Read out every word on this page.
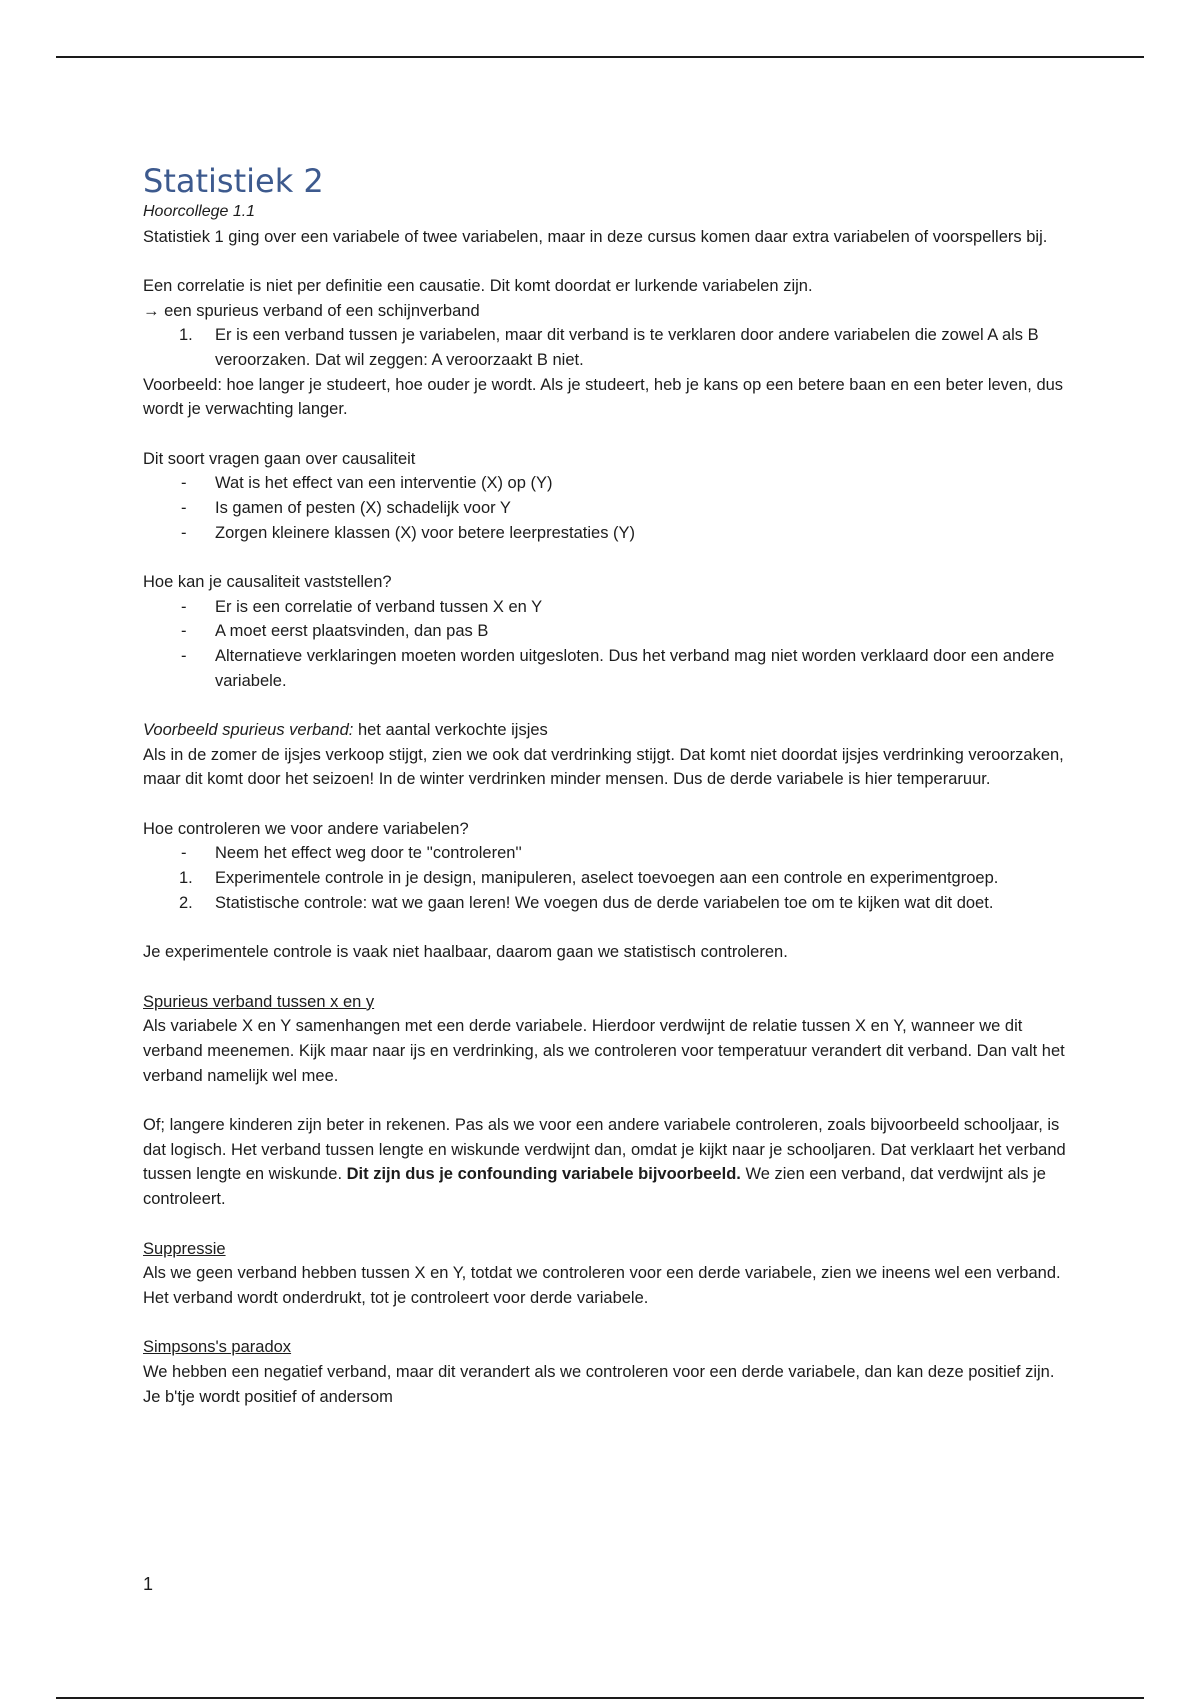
Statistiek 2

Hoorcollege 1.1

Statistiek 1 ging over een variabele of twee variabelen, maar in deze cursus komen daar extra variabelen of voorspellers bij.

Een correlatie is niet per definitie een causatie. Dit komt doordat er lurkende variabelen zijn.

→ een spurieus verband of een schijnverband

1. Er is een verband tussen je variabelen, maar dit verband is te verklaren door andere variabelen die zowel A als B veroorzaken. Dat wil zeggen: A veroorzaakt B niet.

Voorbeeld: hoe langer je studeert, hoe ouder je wordt. Als je studeert, heb je kans op een betere baan en een beter leven, dus wordt je verwachting langer.

Dit soort vragen gaan over causaliteit

- Wat is het effect van een interventie (X) op (Y)
- Is gamen of pesten (X) schadelijk voor Y
- Zorgen kleinere klassen (X) voor betere leerprestaties (Y)

Hoe kan je causaliteit vaststellen?

- Er is een correlatie of verband tussen X en Y
- A moet eerst plaatsvinden, dan pas B
- Alternatieve verklaringen moeten worden uitgesloten. Dus het verband mag niet worden verklaard door een andere variabele.

Voorbeeld spurieus verband: het aantal verkochte ijsjes

Als in de zomer de ijsjes verkoop stijgt, zien we ook dat verdrinking stijgt. Dat komt niet doordat ijsjes verdrinking veroorzaken, maar dit komt door het seizoen! In de winter verdrinken minder mensen. Dus de derde variabele is hier temperaruur.

Hoe controleren we voor andere variabelen?

- Neem het effect weg door te ''controleren''
1. Experimentele controle in je design, manipuleren, aselect toevoegen aan een controle en experimentgroep.
2. Statistische controle: wat we gaan leren! We voegen dus de derde variabelen toe om te kijken wat dit doet.

Je experimentele controle is vaak niet haalbaar, daarom gaan we statistisch controleren.

Spurieus verband tussen x en y

Als variabele X en Y samenhangen met een derde variabele. Hierdoor verdwijnt de relatie tussen X en Y, wanneer we dit verband meenemen. Kijk maar naar ijs en verdrinking, als we controleren voor temperatuur verandert dit verband. Dan valt het verband namelijk wel mee.

Of; langere kinderen zijn beter in rekenen. Pas als we voor een andere variabele controleren, zoals bijvoorbeeld schooljaar, is dat logisch. Het verband tussen lengte en wiskunde verdwijnt dan, omdat je kijkt naar je schooljaren. Dat verklaart het verband tussen lengte en wiskunde. Dit zijn dus je confounding variabele bijvoorbeeld. We zien een verband, dat verdwijnt als je controleert.

Suppressie

Als we geen verband hebben tussen X en Y, totdat we controleren voor een derde variabele, zien we ineens wel een verband. Het verband wordt onderdrukt, tot je controleert voor derde variabele.

Simpsons's paradox

We hebben een negatief verband, maar dit verandert als we controleren voor een derde variabele, dan kan deze positief zijn. Je b'tje wordt positief of andersom

1
